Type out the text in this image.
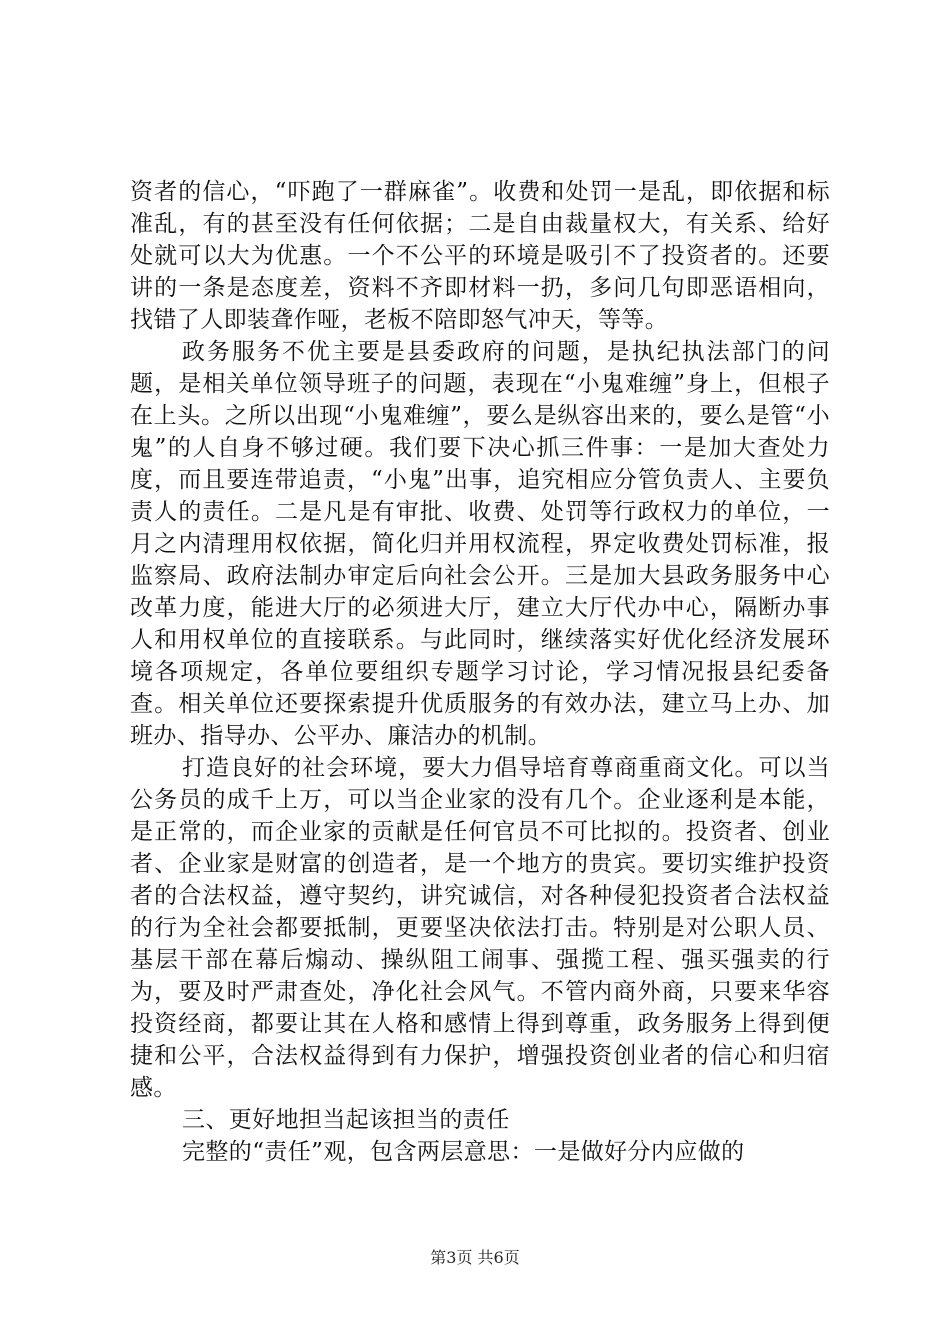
资者的信心，“吓跑了一群麻雀”。收费和处罚一是乱，即依据和标准乱，有的甚至没有任何依据；二是自由裁量权大，有关系、给好处就可以大为优惠。一个不公平的环境是吸引不了投资者的。还要讲的一条是态度差，资料不齐即材料一扔，多问几句即恶语相向，找错了人即装聋作哑，老板不陪即怒气冲天，等等。

政务服务不优主要是县委政府的问题，是执纪执法部门的问题，是相关单位领导班子的问题，表现在“小鬼难缠”身上，但根子在上头。之所以出现“小鬼难缠”，要么是纵容出来的，要么是管“小鬼”的人自身不够过硬。我们要下决心抓三件事：一是加大查处力度，而且要连带追责，“小鬼”出事，追究相应分管负责人、主要负责人的责任。二是凡是有审批、收费、处罚等行政权力的单位，一月之内清理用权依据，简化归并用权流程，界定收费处罚标准，报监察局、政府法制办审定后向社会公开。三是加大县政务服务中心改革力度，能进大厅的必须进大厅，建立大厅代办中心，隔断办事人和用权单位的直接联系。与此同时，继续落实好优化经济发展环境各项规定，各单位要组织专题学习讨论，学习情况报县纪委备查。相关单位还要探索提升优质服务的有效办法，建立马上办、加班办、指导办、公平办、廉洁办的机制。

打造良好的社会环境，要大力倡导培育尊商重商文化。可以当公务员的成千上万，可以当企业家的没有几个。企业逐利是本能，是正常的，而企业家的贡献是任何官员不可比拟的。投资者、创业者、企业家是财富的创造者，是一个地方的贵宾。要切实维护投资者的合法权益，遵守契约，讲究诚信，对各种侵犯投资者合法权益的行为全社会都要抵制，更要坚决依法打击。特别是对公职人员、基层干部在幕后煽动、操纵阻工闹事、强揽工程、强买强卖的行为，要及时严肃查处，净化社会风气。不管内商外商，只要来华容投资经商，都要让其在人格和感情上得到尊重，政务服务上得到便捷和公平，合法权益得到有力保护，增强投资创业者的信心和归宿感。

三、更好地担当起该担当的责任

完整的“责任”观，包含两层意思：一是做好分内应做的

第3页 共6页
